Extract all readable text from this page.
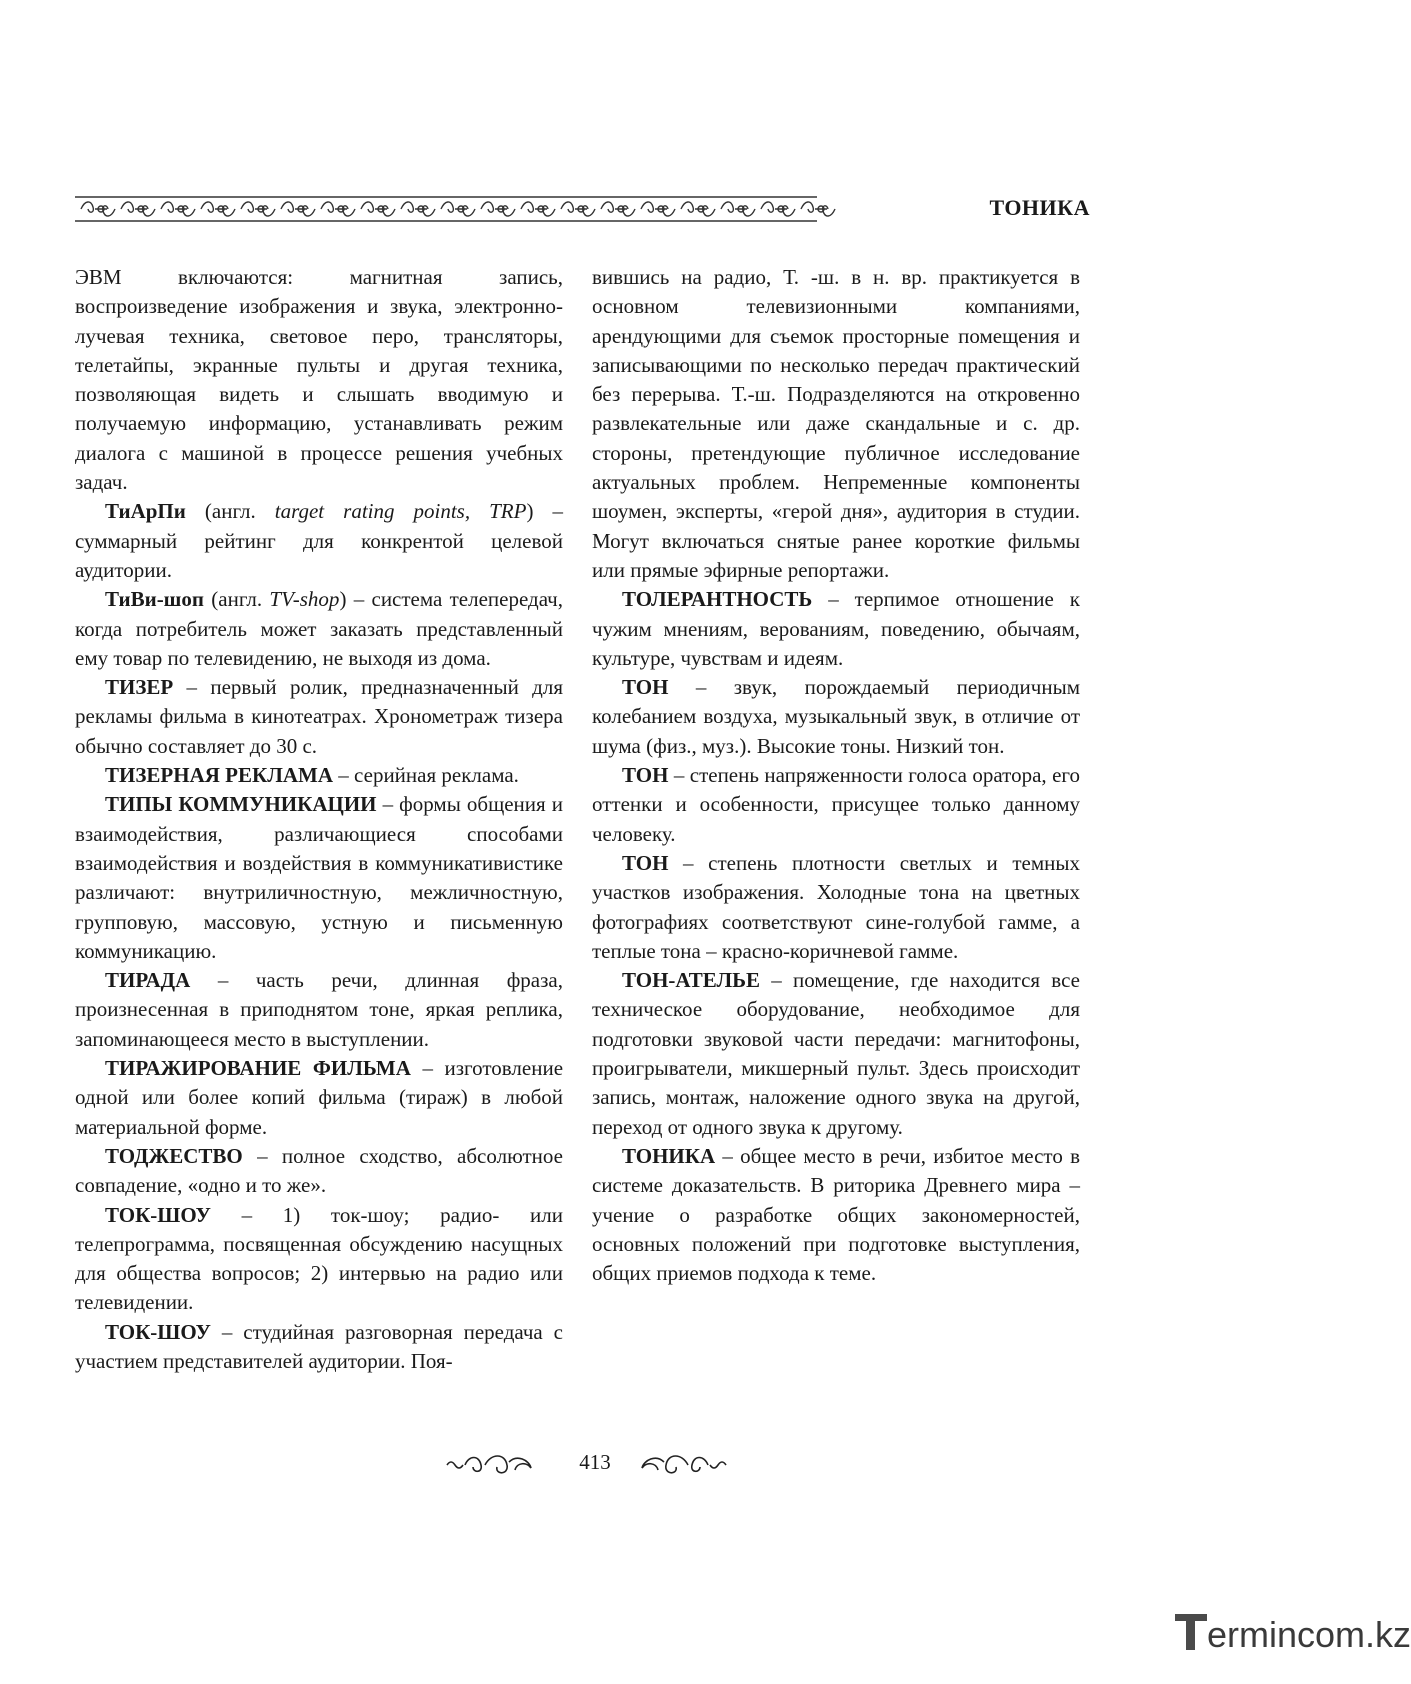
ТОНИКА

ЭВМ включаются: магнитная запись, воспроизведение изображения и звука, электронно-лучевая техника, световое перо, трансляторы, телетайпы, экранные пульты и другая техника, позволяющая видеть и слышать вводимую и получаемую информацию, устанавливать режим диалога с машиной в процессе решения учебных задач.

ТиАрПи (англ. target rating points, TRP) – суммарный рейтинг для конкрентой целевой аудитории.

ТиВи-шоп (англ. TV-shop) – система телепередач, когда потребитель может заказать представленный ему товар по телевидению, не выходя из дома.

ТИЗЕР – первый ролик, предназначенный для рекламы фильма в кинотеатрах. Хронометраж тизера обычно составляет до 30 с.

ТИЗЕРНАЯ РЕКЛАМА – серийная реклама.

ТИПЫ КОММУНИКАЦИИ – формы общения и взаимодействия, различающиеся способами взаимодействия и воздействия в коммуникативистике различают: внутриличностную, межличностную, групповую, массовую, устную и письменную коммуникацию.

ТИРАДА – часть речи, длинная фраза, произнесенная в приподнятом тоне, яркая реплика, запоминающееся место в выступлении.

ТИРАЖИРОВАНИЕ ФИЛЬМА – изготовление одной или более копий фильма (тираж) в любой материальной форме.

ТОДЖЕСТВО – полное сходство, абсолютное совпадение, «одно и то же».

ТОК-ШОУ – 1) ток-шоу; радио- или телепрограмма, посвященная обсуждению насущных для общества вопросов; 2) интервью на радио или телевидении.

ТОК-ШОУ – студийная разговорная передача с участием представителей аудитории. Поя-

вившись на радио, Т. -ш. в н. вр. практикуется в основном телевизионными компаниями, арендующими для съемок просторные помещения и записывающими по несколько передач практический без перерыва. Т.-ш. Подразделяются на откровенно развлекательные или даже скандальные и с. др. стороны, претендующие публичное исследование актуальных проблем. Непременные компоненты шоумен, эксперты, «герой дня», аудитория в студии. Могут включаться снятые ранее короткие фильмы или прямые эфирные репортажи.

ТОЛЕРАНТНОСТЬ – терпимое отношение к чужим мнениям, верованиям, поведению, обычаям, культуре, чувствам и идеям.

ТОН – звук, порождаемый периодичным колебанием воздуха, музыкальный звук, в отличие от шума (физ., муз.). Высокие тоны. Низкий тон.

ТОН – степень напряженности голоса оратора, его оттенки и особенности, присущее только данному человеку.

ТОН – степень плотности светлых и темных участков изображения. Холодные тона на цветных фотографиях соответствуют сине-голубой гамме, а теплые тона – красно-коричневой гамме.

ТОН-АТЕЛЬЕ – помещение, где находится все техническое оборудование, необходимое для подготовки звуковой части передачи: магнитофоны, проигрыватели, микшерный пульт. Здесь происходит запись, монтаж, наложение одного звука на другой, переход от одного звука к другому.

ТОНИКА – общее место в речи, избитое место в системе доказательств. В риторика Древнего мира – учение о разработке общих закономерностей, основных положений при подготовке выступления, общих приемов подхода к теме.

413
ermincom.kz
